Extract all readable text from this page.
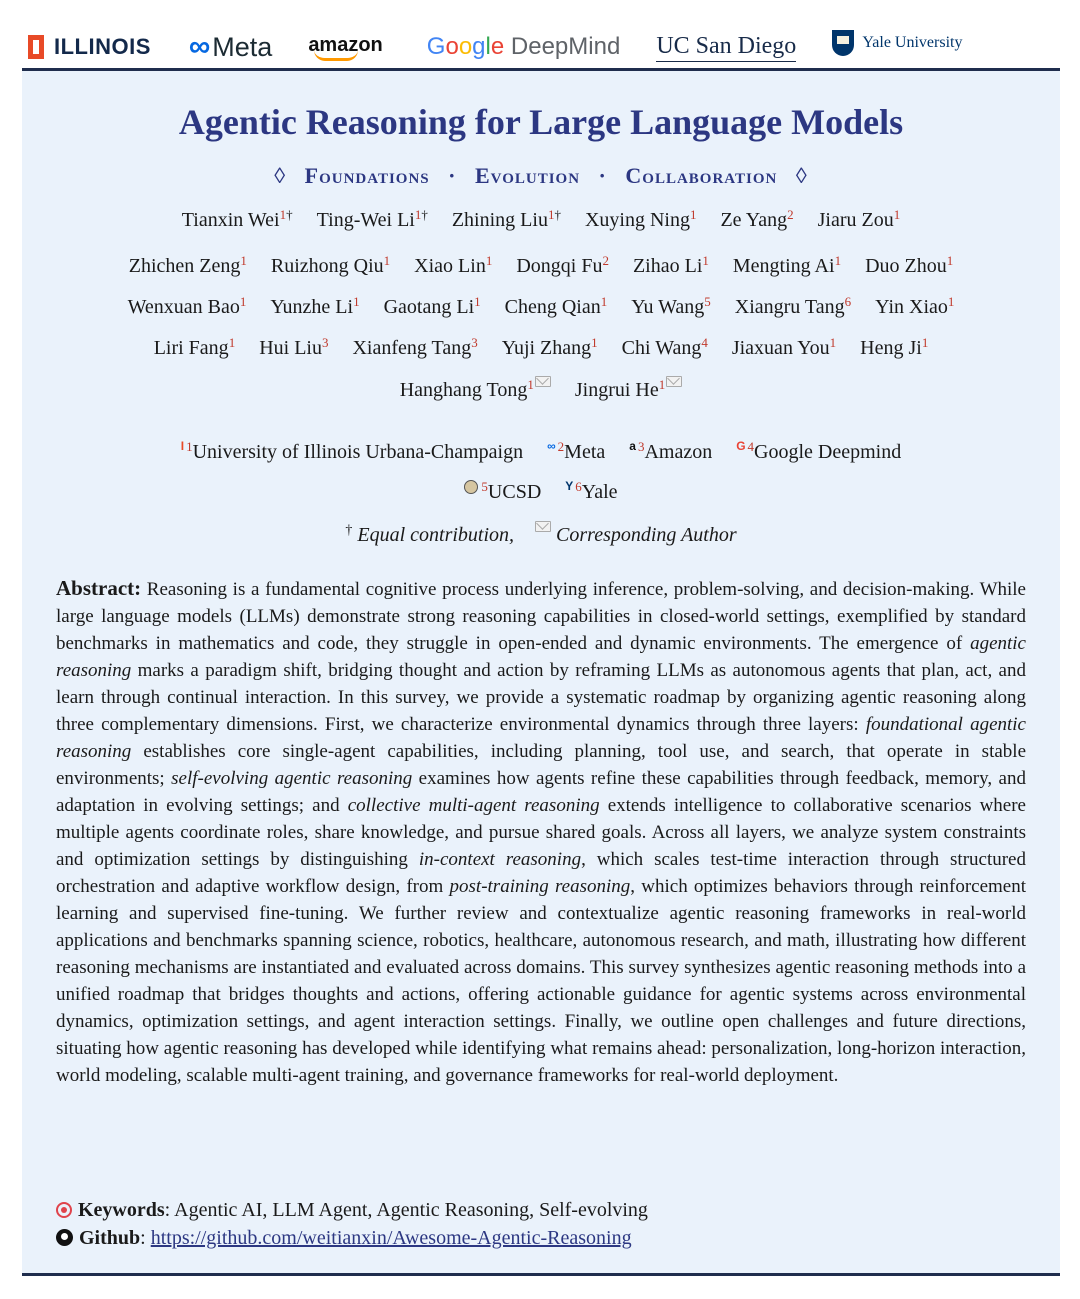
ILLINOIS ∞ Meta amazon Google
DeepMind UC San Diego	Yale University
Agentic Reasoning for Large Language Models
◊ Foundations · Evolution · Collaboration ◊
Tianxin Wei$^{1\dagger}$ Ting-Wei $Li^{1\dagger}$ Zhining Liu$^{1\dagger}$ Xuying Ning$^1$ Ze Yang$^2$ Jiaru Zou$^1$
Zhichen Zeng$^1$ Ruizhong Qiu$^1$ Xiao Lin$^1$ Dongqi Fu$^2$ Zihao Li$^1$ Mengting Ai$^1$ Duo Zhou$^1$
Wenxuan Bao$^1$ Yunzhe Li$^1$ Gaotang Li$^1$ Cheng Qian$^1$ Yu Wang$^5$ Xiangru Tang$^6$ Yin Xiao$^1$
Liri Fang$^1$ Hui Liu$^3$ Xianfeng Tang$^3$ Yuji Zhang$^1$ Chi Wang$^4$ Jiaxuan You$^1$ Heng Ji$^1$
Hanghang Tong$^1$ Jingrui He$^1$
I $^1$University of Illinois Urbana-Champaign ∞ $^2$Meta a $^3$Amazon G $^4$Google Deepmind
$^5$UCSD Y $^6$Yale
† Equal contribution, Corresponding Author
Abstract: Reasoning is a fundamental cognitive process underlying inference, problem-solving, and decision-making. While large language models (LLMs) demonstrate strong reasoning capabilities in closed-world settings, exemplified by standard benchmarks in mathematics and code, they struggle in open-ended and dynamic environments. The emergence of agentic reasoning marks a paradigm shift, bridging thought and action by reframing LLMs as autonomous agents that plan, act, and learn through continual interaction. In this survey, we provide a systematic roadmap by organizing agentic reasoning along three complementary dimensions. First, we characterize environmental dynamics through three layers: foundational agentic reasoning establishes core single-agent capabilities, including planning, tool use, and search, that operate in stable environments; self-evolving agentic reasoning examines how agents refine these capabilities through feedback, memory, and adaptation in evolving settings; and collective multi-agent reasoning extends intelligence to collaborative scenarios where multiple agents coordinate roles, share knowledge, and pursue shared goals. Across all layers, we analyze system constraints and optimization settings by distinguishing in-context reasoning, which scales test-time interaction through structured orchestration and adaptive workflow design, from post-training reasoning, which optimizes behaviors through reinforcement learning and supervised fine-tuning. We further review and contextualize agentic reasoning frameworks in real-world applications and benchmarks spanning science, robotics, healthcare, autonomous research, and math, illustrating how different reasoning mechanisms are instantiated and evaluated across domains. This survey synthesizes agentic reasoning methods into a unified roadmap that bridges thoughts and actions, offering actionable guidance for agentic systems across environmental dynamics, optimization settings, and agent interaction settings. Finally, we outline open challenges and future directions, situating how agentic reasoning has developed while identifying what remains ahead: personalization, long-horizon interaction, world modeling, scalable multi-agent training, and governance frameworks for real-world deployment.
Keywords: Agentic AI, LLM Agent, Agentic Reasoning, Self-evolving
Github: https://github.com/weitianxin/Awesome-Agentic-Reasoning
